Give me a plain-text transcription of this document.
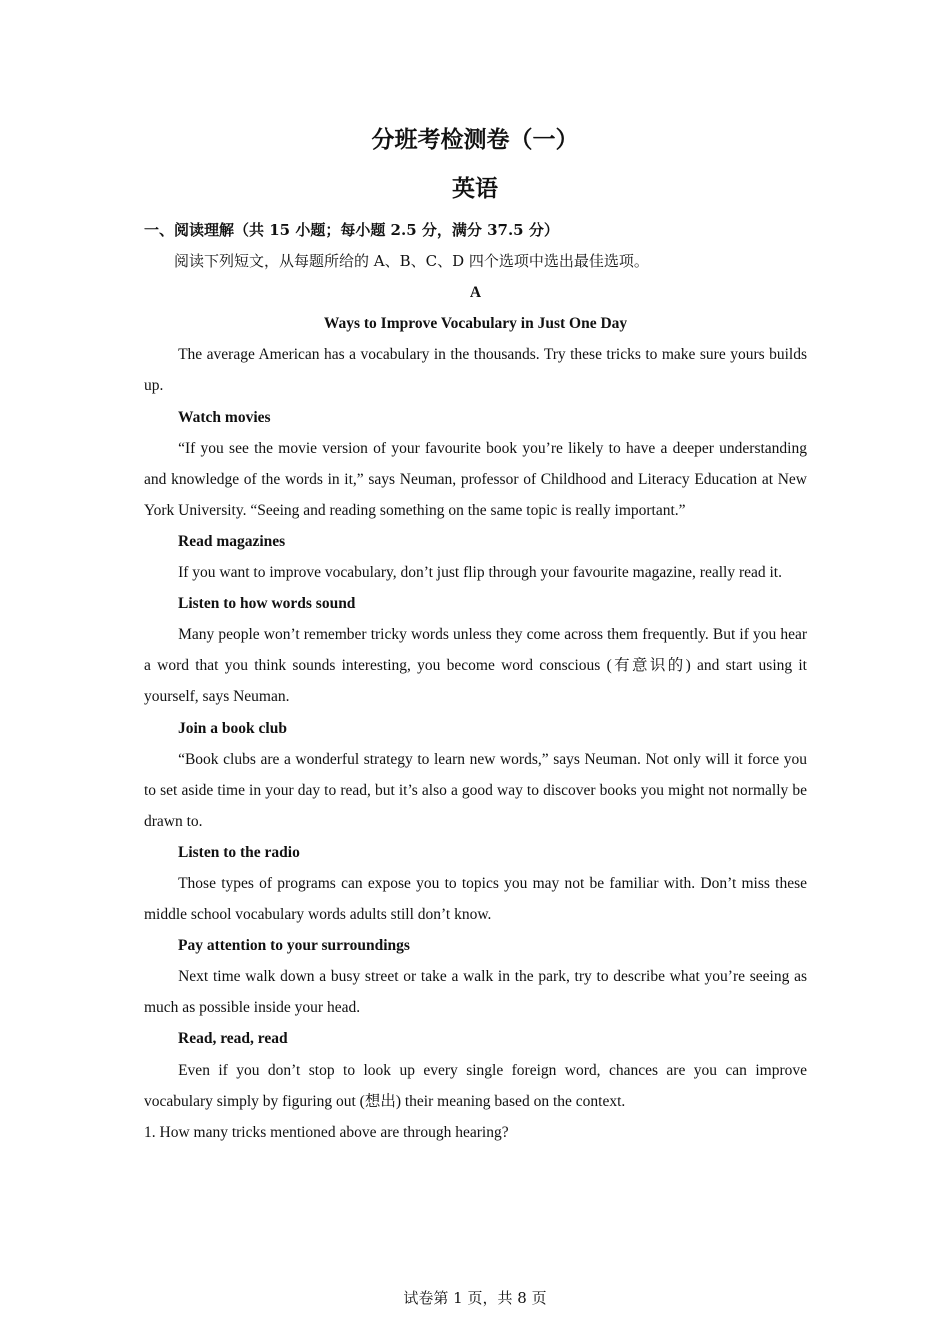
分班考检测卷（一）
英语

一、阅读理解（共 15 小题；每小题 2.5 分，满分 37.5 分）

阅读下列短文，从每题所给的 A、B、C、D 四个选项中选出最佳选项。

A

Ways to Improve Vocabulary in Just One Day

The average American has a vocabulary in the thousands. Try these tricks to make sure yours builds up.

Watch movies

“If you see the movie version of your favourite book you’re likely to have a deeper understanding and knowledge of the words in it,” says Neuman, professor of Childhood and Literacy Education at New York University. “Seeing and reading something on the same topic is really important.”

Read magazines

If you want to improve vocabulary, don’t just flip through your favourite magazine, really read it.

Listen to how words sound

Many people won’t remember tricky words unless they come across them frequently. But if you hear a word that you think sounds interesting, you become word conscious (有意识的) and start using it yourself, says Neuman.

Join a book club

“Book clubs are a wonderful strategy to learn new words,” says Neuman. Not only will it force you to set aside time in your day to read, but it’s also a good way to discover books you might not normally be drawn to.

Listen to the radio

Those types of programs can expose you to topics you may not be familiar with. Don’t miss these middle school vocabulary words adults still don’t know.

Pay attention to your surroundings

Next time walk down a busy street or take a walk in the park, try to describe what you’re seeing as much as possible inside your head.

Read, read, read

Even if you don’t stop to look up every single foreign word, chances are you can improve vocabulary simply by figuring out (想出) their meaning based on the context.

1. How many tricks mentioned above are through hearing?

试卷第 1 页，共 8 页
